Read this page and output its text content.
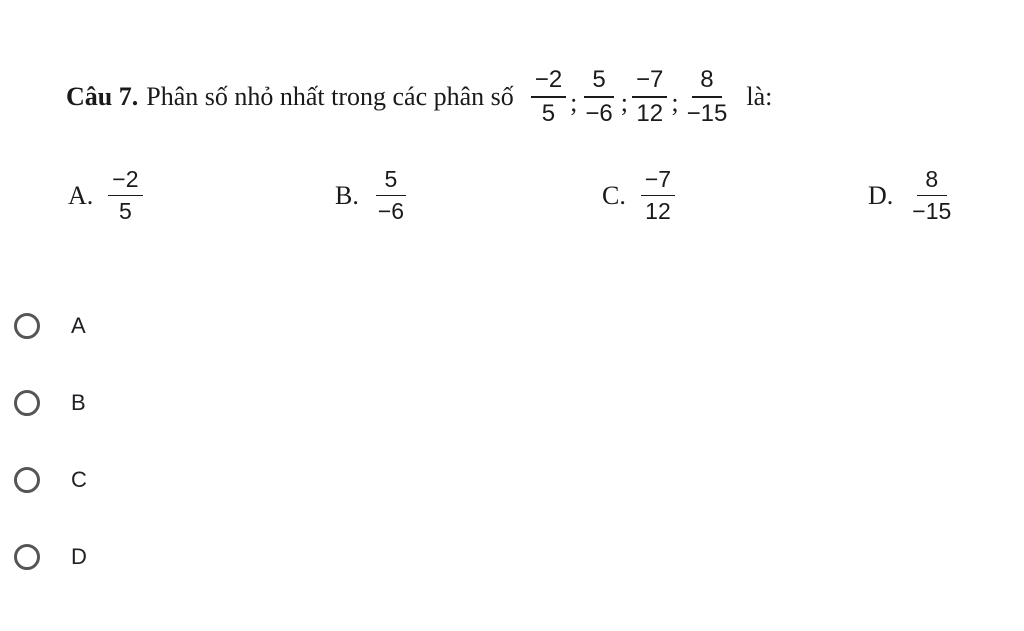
Câu 7. Phân số nhỏ nhất trong các phân số $\frac{-2}{5}$ ; $\frac{5}{-6}$ ; $\frac{-7}{12}$ ; $\frac{8}{-15}$ là:
A. $\frac{-2}{5}$	B. $\frac{5}{-6}$	C. $\frac{-7}{12}$	D. $\frac{8}{-15}$
A
B
C
D
